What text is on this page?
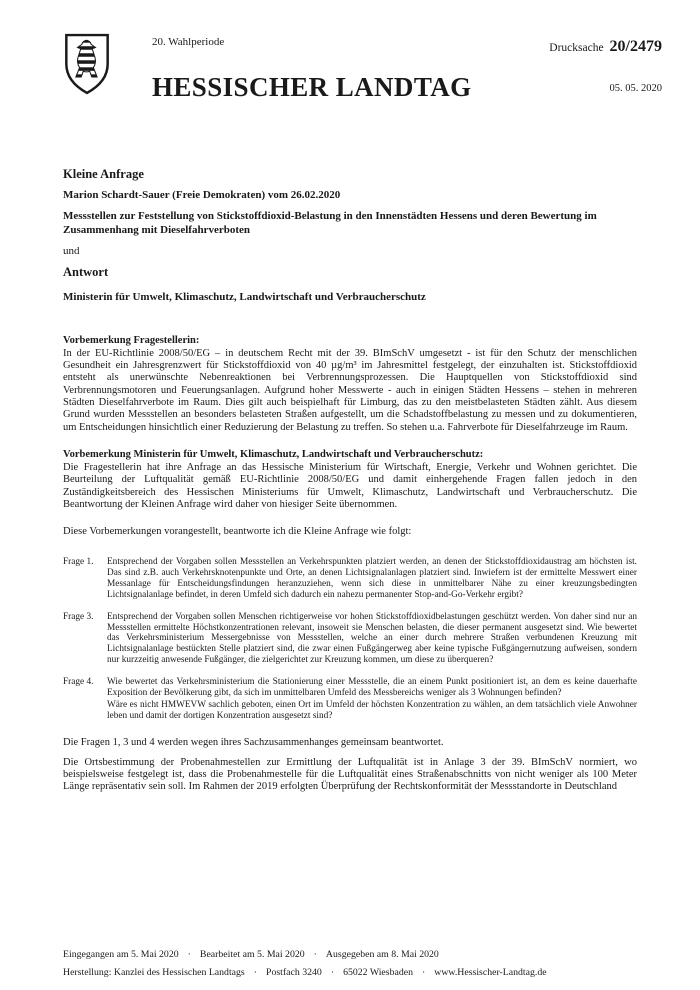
20. Wahlperiode
HESSISCHER LANDTAG
Drucksache 20/2479
05. 05. 2020
Kleine Anfrage
Marion Schardt-Sauer (Freie Demokraten) vom 26.02.2020
Messstellen zur Feststellung von Stickstoffdioxid-Belastung in den Innenstädten Hessens und deren Bewertung im Zusammenhang mit Dieselfahrverboten
und
Antwort
Ministerin für Umwelt, Klimaschutz, Landwirtschaft und Verbraucherschutz
Vorbemerkung Fragestellerin:

In der EU-Richtlinie 2008/50/EG – in deutschem Recht mit der 39. BImSchV umgesetzt - ist für den Schutz der menschlichen Gesundheit ein Jahresgrenzwert für Stickstoffdioxid von 40 µg/m³ im Jahresmittel festgelegt, der einzuhalten ist. Stickstoffdioxid entsteht als unerwünschte Nebenreaktionen bei Verbrennungsprozessen. Die Hauptquellen von Stickstoffdioxid sind Verbrennungsmotoren und Feuerungsanlagen. Aufgrund hoher Messwerte - auch in einigen Städten Hessens – stehen in mehreren Städten Dieselfahrverbote im Raum. Dies gilt auch beispielhaft für Limburg, das zu den meistbelasteten Städten zählt. Aus diesem Grund wurden Messstellen an besonders belasteten Straßen aufgestellt, um die Schadstoffbelastung zu messen und zu dokumentieren, um Entscheidungen hinsichtlich einer Reduzierung der Belastung zu treffen. So stehen u.a. Fahrverbote für Dieselfahrzeuge im Raum.

Vorbemerkung Ministerin für Umwelt, Klimaschutz, Landwirtschaft und Verbraucherschutz:

Die Fragestellerin hat ihre Anfrage an das Hessische Ministerium für Wirtschaft, Energie, Verkehr und Wohnen gerichtet. Die Beurteilung der Luftqualität gemäß EU-Richtlinie 2008/50/EG und damit einhergehende Fragen fallen jedoch in den Zuständigkeitsbereich des Hessischen Ministeriums für Umwelt, Klimaschutz, Landwirtschaft und Verbraucherschutz. Die Beantwortung der Kleinen Anfrage wird daher von hiesiger Seite übernommen.

Diese Vorbemerkungen vorangestellt, beantworte ich die Kleine Anfrage wie folgt:
Frage 1.	Entsprechend der Vorgaben sollen Messstellen an Verkehrspunkten platziert werden, an denen der Stickstoffdioxidaustrag am höchsten ist. Das sind z.B. auch Verkehrsknotenpunkte und Orte, an denen Lichtsignalanlagen platziert sind. Inwiefern ist der ermittelte Messwert einer Messanlage für Entscheidungsfindungen heranzuziehen, wenn sich diese in unmittelbarer Nähe zu einer kreuzungsbedingten Lichtsignalanlage befindet, in deren Umfeld sich dadurch ein nahezu permanenter Stop-and-Go-Verkehr ergibt?
Frage 3.	Entsprechend der Vorgaben sollen Menschen richtigerweise vor hohen Stickstoffdioxidbelastungen geschützt werden. Von daher sind nur an Messstellen ermittelte Höchstkonzentrationen relevant, insoweit sie Menschen belasten, die dieser permanent ausgesetzt sind. Wie bewertet das Verkehrsministerium Messergebnisse von Messstellen, welche an einer durch mehrere Straßen verbundenen Kreuzung mit Lichtsignalanlage bestückten Stelle platziert sind, die zwar einen Fußgängerweg aber keine typische Fußgängernutzung aufweisen, sondern nur kurzzeitig anwesende Fußgänger, die zielgerichtet zur Kreuzung kommen, um diese zu überqueren?
Frage 4.	Wie bewertet das Verkehrsministerium die Stationierung einer Messstelle, die an einem Punkt positioniert ist, an dem es keine dauerhafte Exposition der Bevölkerung gibt, da sich im unmittelbaren Umfeld des Messbereichs weniger als 3 Wohnungen befinden?
Wäre es nicht HMWEVW sachlich geboten, einen Ort im Umfeld der höchsten Konzentration zu wählen, an dem tatsächlich viele Anwohner leben und damit der dortigen Konzentration ausgesetzt sind?
Die Fragen 1, 3 und 4 werden wegen ihres Sachzusammenhanges gemeinsam beantwortet.

Die Ortsbestimmung der Probenahmestellen zur Ermittlung der Luftqualität ist in Anlage 3 der 39. BImSchV normiert, wo beispielsweise festgelegt ist, dass die Probenahmestelle für die Luftqualität eines Straßenabschnitts von nicht weniger als 100 Meter Länge repräsentativ sein soll. Im Rahmen der 2019 erfolgten Überprüfung der Rechtskonformität der Messstandorte in Deutschland

Eingegangen am 5. Mai 2020 · Bearbeitet am 5. Mai 2020 · Ausgegeben am 8. Mai 2020
Herstellung: Kanzlei des Hessischen Landtags · Postfach 3240 · 65022 Wiesbaden · www.Hessischer-Landtag.de
